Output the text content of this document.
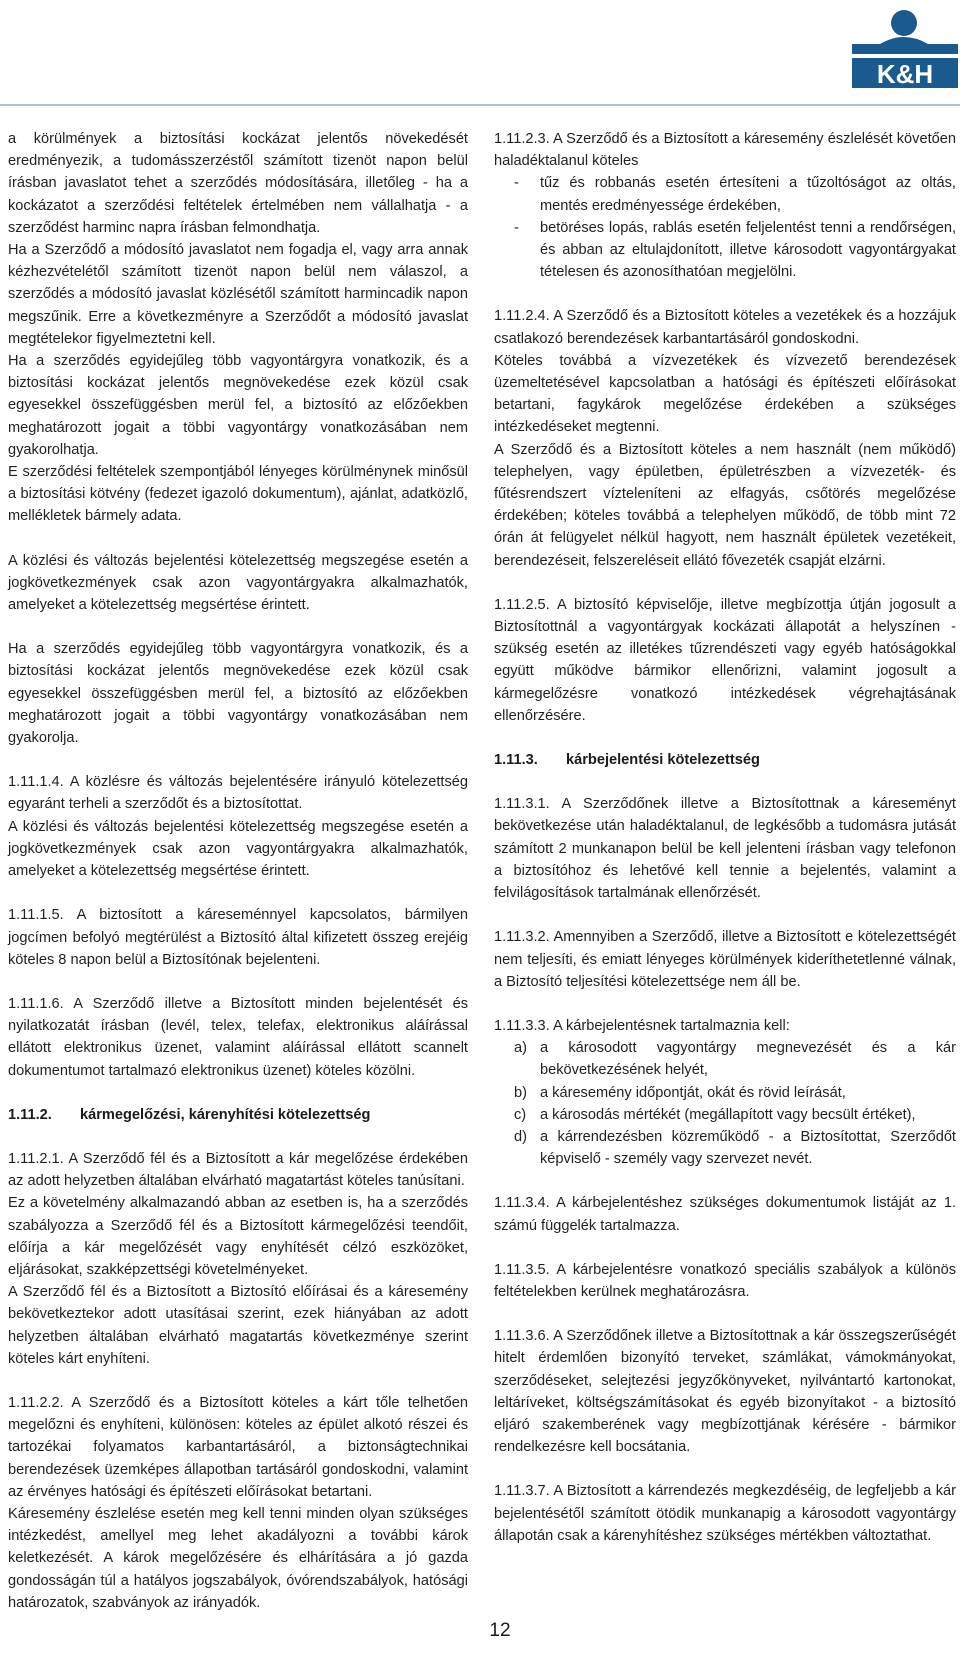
K&H

a körülmények a biztosítási kockázat jelentős növekedését eredményezik, a tudomásszerzéstől számított tizenöt napon belül írásban javaslatot tehet a szerződés módosítására, illetőleg - ha a kockázatot a szerződési feltételek értelmében nem vállalhatja - a szerződést harminc napra írásban felmondhatja.

Ha a Szerződő a módosító javaslatot nem fogadja el, vagy arra annak kézhezvételétől számított tizenöt napon belül nem válaszol, a szerződés a módosító javaslat közlésétől számított harmincadik napon megszűnik. Erre a következményre a Szerződőt a módosító javaslat megtételekor figyelmeztetni kell.

Ha a szerződés egyidejűleg több vagyontárgyra vonatkozik, és a biztosítási kockázat jelentős megnövekedése ezek közül csak egyesekkel összefüggésben merül fel, a biztosító az előzőekben meghatározott jogait a többi vagyontárgy vonatkozásában nem gyakorolhatja.

E szerződési feltételek szempontjából lényeges körülménynek minősül a biztosítási kötvény (fedezet igazoló dokumentum), ajánlat, adatközlő, mellékletek bármely adata.

A közlési és változás bejelentési kötelezettség megszegése esetén a jogkövetkezmények csak azon vagyontárgyakra alkalmazhatók, amelyeket a kötelezettség megsértése érintett.

Ha a szerződés egyidejűleg több vagyontárgyra vonatkozik, és a biztosítási kockázat jelentős megnövekedése ezek közül csak egyesekkel összefüggésben merül fel, a biztosító az előzőekben meghatározott jogait a többi vagyontárgy vonatkozásában nem gyakorolja.

1.11.1.4. A közlésre és változás bejelentésére irányuló kötelezettség egyaránt terheli a szerződőt és a biztosítottat.

A közlési és változás bejelentési kötelezettség megszegése esetén a jogkövetkezmények csak azon vagyontárgyakra alkalmazhatók, amelyeket a kötelezettség megsértése érintett.

1.11.1.5. A biztosított a káreseménnyel kapcsolatos, bármilyen jogcímen befolyó megtérülést a Biztosító által kifizetett összeg erejéig köteles 8 napon belül a Biztosítónak bejelenteni.

1.11.1.6. A Szerződő illetve a Biztosított minden bejelentését és nyilatkozatát írásban (levél, telex, telefax, elektronikus aláírással ellátott elektronikus üzenet, valamint aláírással ellátott scannelt dokumentumot tartalmazó elektronikus üzenet) köteles közölni.

1.11.2.	kármegelőzési, kárenyhítési kötelezettség

1.11.2.1. A Szerződő fél és a Biztosított a kár megelőzése érdekében az adott helyzetben általában elvárható magatartást köteles tanúsítani.

Ez a követelmény alkalmazandó abban az esetben is, ha a szerződés szabályozza a Szerződő fél és a Biztosított kármegelőzési teendőit, előírja a kár megelőzését vagy enyhítését célzó eszközöket, eljárásokat, szakképzettségi követelményeket.

A Szerződő fél és a Biztosított a Biztosító előírásai és a káresemény bekövetkeztekor adott utasításai szerint, ezek hiányában az adott helyzetben általában elvárható magatartás következménye szerint köteles kárt enyhíteni.

1.11.2.2. A Szerződő és a Biztosított köteles a kárt tőle telhetően megelőzni és enyhíteni, különösen: köteles az épület alkotó részei és tartozékai folyamatos karbantartásáról, a biztonságtechnikai berendezések üzemképes állapotban tartásáról gondoskodni, valamint az érvényes hatósági és építészeti előírásokat betartani.

Káresemény észlelése esetén meg kell tenni minden olyan szükséges intézkedést, amellyel meg lehet akadályozni a további károk keletkezését. A károk megelőzésére és elhárítására a jó gazda gondosságán túl a hatályos jogszabályok, óvórendszabályok, hatósági határozatok, szabványok az irányadók.

1.11.2.3. A Szerződő és a Biztosított a káresemény észlelését követően haladéktalanul köteles

-	tűz és robbanás esetén értesíteni a tűzoltóságot az oltás, mentés eredményessége érdekében,
-	betöréses lopás, rablás esetén feljelentést tenni a rendőrségen, és abban az eltulajdonított, illetve károsodott vagyontárgyakat tételesen és azonosíthatóan megjelölni.

1.11.2.4. A Szerződő és a Biztosított köteles a vezetékek és a hozzájuk csatlakozó berendezések karbantartásáról gondoskodni.

Köteles továbbá a vízvezetékek és vízvezető berendezések üzemeltetésével kapcsolatban a hatósági és építészeti előírásokat betartani, fagykárok megelőzése érdekében a szükséges intézkedéseket megtenni.

A Szerződő és a Biztosított köteles a nem használt (nem működő) telephelyen, vagy épületben, épületrészben a vízvezeték- és fűtésrendszert vízteleníteni az elfagyás, csőtörés megelőzése érdekében; köteles továbbá a telephelyen működő, de több mint 72 órán át felügyelet nélkül hagyott, nem használt épületek vezetékeit, berendezéseit, felszereléseit ellátó fővezeték csapját elzárni.

1.11.2.5. A biztosító képviselője, illetve megbízottja útján jogosult a Biztosítottnál a vagyontárgyak kockázati állapotát a helyszínen - szükség esetén az illetékes tűzrendészeti vagy egyéb hatóságokkal együtt működve bármikor ellenőrizni, valamint jogosult a kármegelőzésre vonatkozó intézkedések végrehajtásának ellenőrzésére.

1.11.3.	kárbejelentési kötelezettség

1.11.3.1. A Szerződőnek illetve a Biztosítottnak a káreseményt bekövetkezése után haladéktalanul, de legkésőbb a tudomásra jutását számított 2 munkanapon belül be kell jelenteni írásban vagy telefonon a biztosítóhoz és lehetővé kell tennie a bejelentés, valamint a felvilágosítások tartalmának ellenőrzését.

1.11.3.2. Amennyiben a Szerződő, illetve a Biztosított e kötelezettségét nem teljesíti, és emiatt lényeges körülmények kideríthetetlenné válnak, a Biztosító teljesítési kötelezettsége nem áll be.

1.11.3.3. A kárbejelentésnek tartalmaznia kell:

a) a károsodott vagyontárgy megnevezését és a kár bekövetkezésének helyét,
b) a káresemény időpontját, okát és rövid leírását,
c) a károsodás mértékét (megállapított vagy becsült értéket),
d) a kárrendezésben közreműködő - a Biztosítottat, Szerződőt képviselő - személy vagy szervezet nevét.

1.11.3.4. A kárbejelentéshez szükséges dokumentumok listáját az 1. számú függelék tartalmazza.

1.11.3.5. A kárbejelentésre vonatkozó speciális szabályok a különös feltételekben kerülnek meghatározásra.

1.11.3.6. A Szerződőnek illetve a Biztosítottnak a kár összegszerűségét hitelt érdemlően bizonyító terveket, számlákat, vámokmányokat, szerződéseket, selejtezési jegyzőkönyveket, nyilvántartó kartonokat, leltáríveket, költségszámításokat és egyéb bizonyítakot - a biztosító eljáró szakemberének vagy megbízottjának kérésére - bármikor rendelkezésre kell bocsátania.

1.11.3.7. A Biztosított a kárrendezés megkezdéséig, de legfeljebb a kár bejelentésétől számított ötödik munkanapig a károsodott vagyontárgy állapotán csak a kárenyhítéshez szükséges mértékben változtathat.

12
